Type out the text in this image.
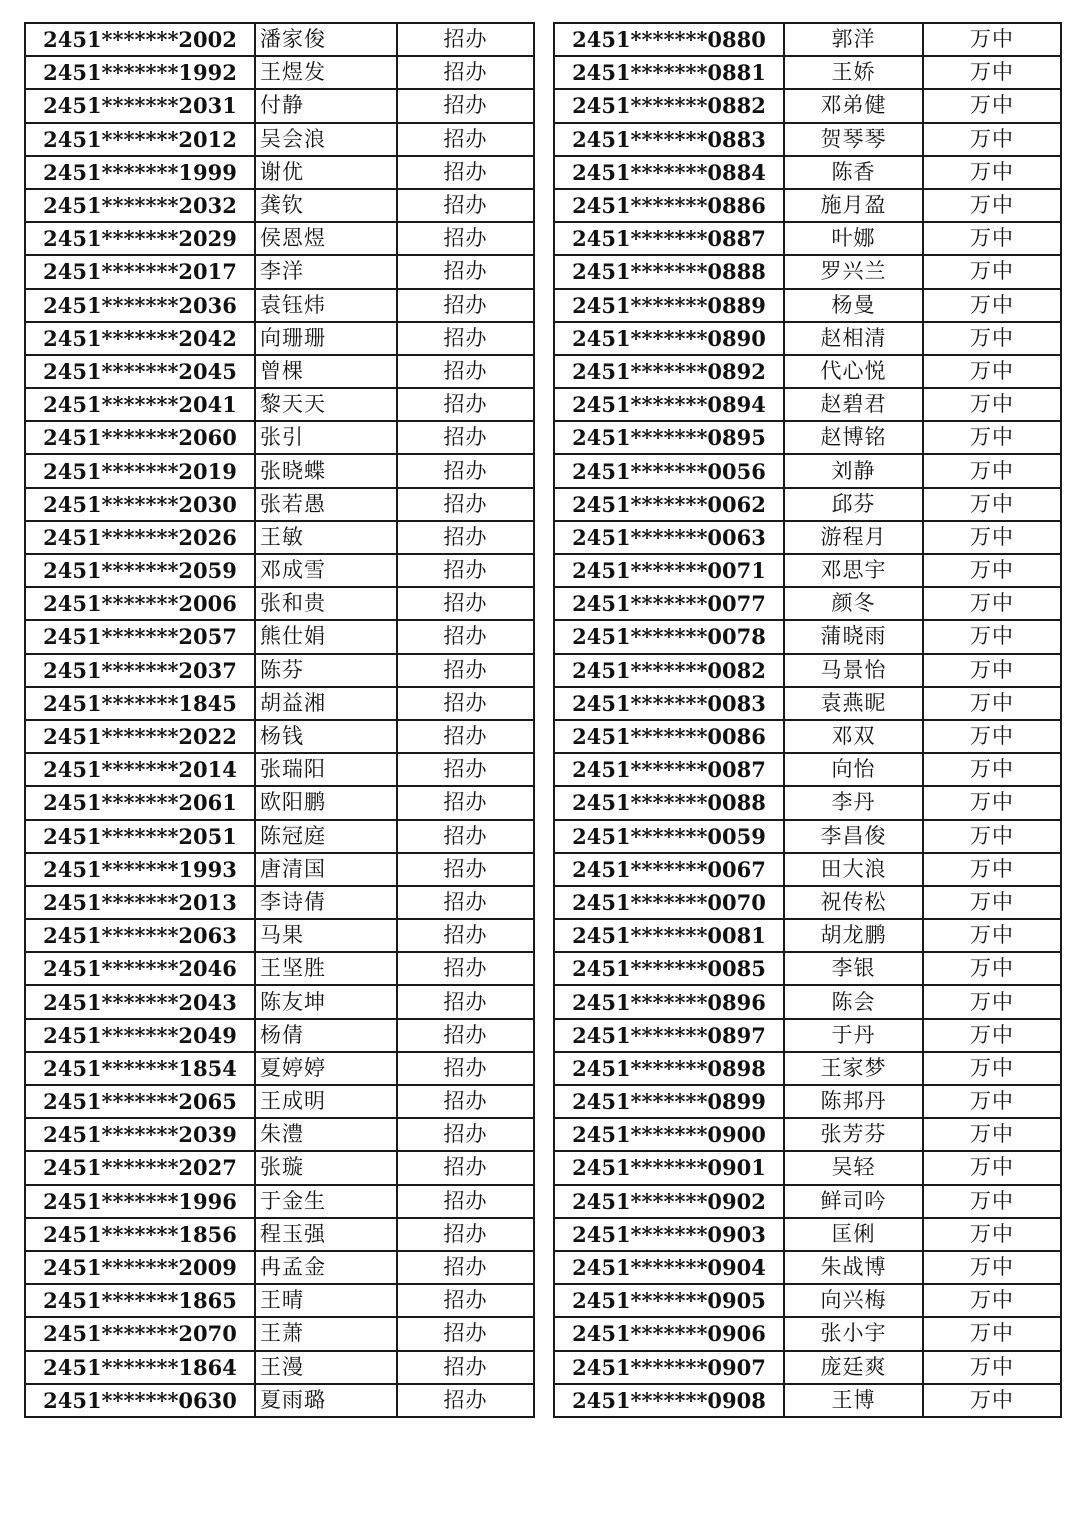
2451*******2002	潘家俊	招办
2451*******1992	王煜发	招办
2451*******2031	付静	招办
2451*******2012	吴会浪	招办
2451*******1999	谢优	招办
2451*******2032	龚钦	招办
2451*******2029	侯恩煜	招办
2451*******2017	李洋	招办
2451*******2036	袁钰炜	招办
2451*******2042	向珊珊	招办
2451*******2045	曾棵	招办
2451*******2041	黎天天	招办
2451*******2060	张引	招办
2451*******2019	张晓蝶	招办
2451*******2030	张若愚	招办
2451*******2026	王敏	招办
2451*******2059	邓成雪	招办
2451*******2006	张和贵	招办
2451*******2057	熊仕娟	招办
2451*******2037	陈芬	招办
2451*******1845	胡益湘	招办
2451*******2022	杨钱	招办
2451*******2014	张瑞阳	招办
2451*******2061	欧阳鹏	招办
2451*******2051	陈冠庭	招办
2451*******1993	唐清国	招办
2451*******2013	李诗倩	招办
2451*******2063	马果	招办
2451*******2046	王坚胜	招办
2451*******2043	陈友坤	招办
2451*******2049	杨倩	招办
2451*******1854	夏婷婷	招办
2451*******2065	王成明	招办
2451*******2039	朱澧	招办
2451*******2027	张璇	招办
2451*******1996	于金生	招办
2451*******1856	程玉强	招办
2451*******2009	冉孟金	招办
2451*******1865	王晴	招办
2451*******2070	王萧	招办
2451*******1864	王漫	招办
2451*******0630	夏雨璐	招办
2451*******0880	郭洋	万中
2451*******0881	王娇	万中
2451*******0882	邓弟健	万中
2451*******0883	贺琴琴	万中
2451*******0884	陈香	万中
2451*******0886	施月盈	万中
2451*******0887	叶娜	万中
2451*******0888	罗兴兰	万中
2451*******0889	杨曼	万中
2451*******0890	赵相清	万中
2451*******0892	代心悦	万中
2451*******0894	赵碧君	万中
2451*******0895	赵博铭	万中
2451*******0056	刘静	万中
2451*******0062	邱芬	万中
2451*******0063	游程月	万中
2451*******0071	邓思宇	万中
2451*******0077	颜冬	万中
2451*******0078	蒲晓雨	万中
2451*******0082	马景怡	万中
2451*******0083	袁燕昵	万中
2451*******0086	邓双	万中
2451*******0087	向怡	万中
2451*******0088	李丹	万中
2451*******0059	李昌俊	万中
2451*******0067	田大浪	万中
2451*******0070	祝传松	万中
2451*******0081	胡龙鹏	万中
2451*******0085	李银	万中
2451*******0896	陈会	万中
2451*******0897	于丹	万中
2451*******0898	王家梦	万中
2451*******0899	陈邦丹	万中
2451*******0900	张芳芬	万中
2451*******0901	吴轻	万中
2451*******0902	鲜司吟	万中
2451*******0903	匡俐	万中
2451*******0904	朱战博	万中
2451*******0905	向兴梅	万中
2451*******0906	张小宇	万中
2451*******0907	庞廷爽	万中
2451*******0908	王博	万中
